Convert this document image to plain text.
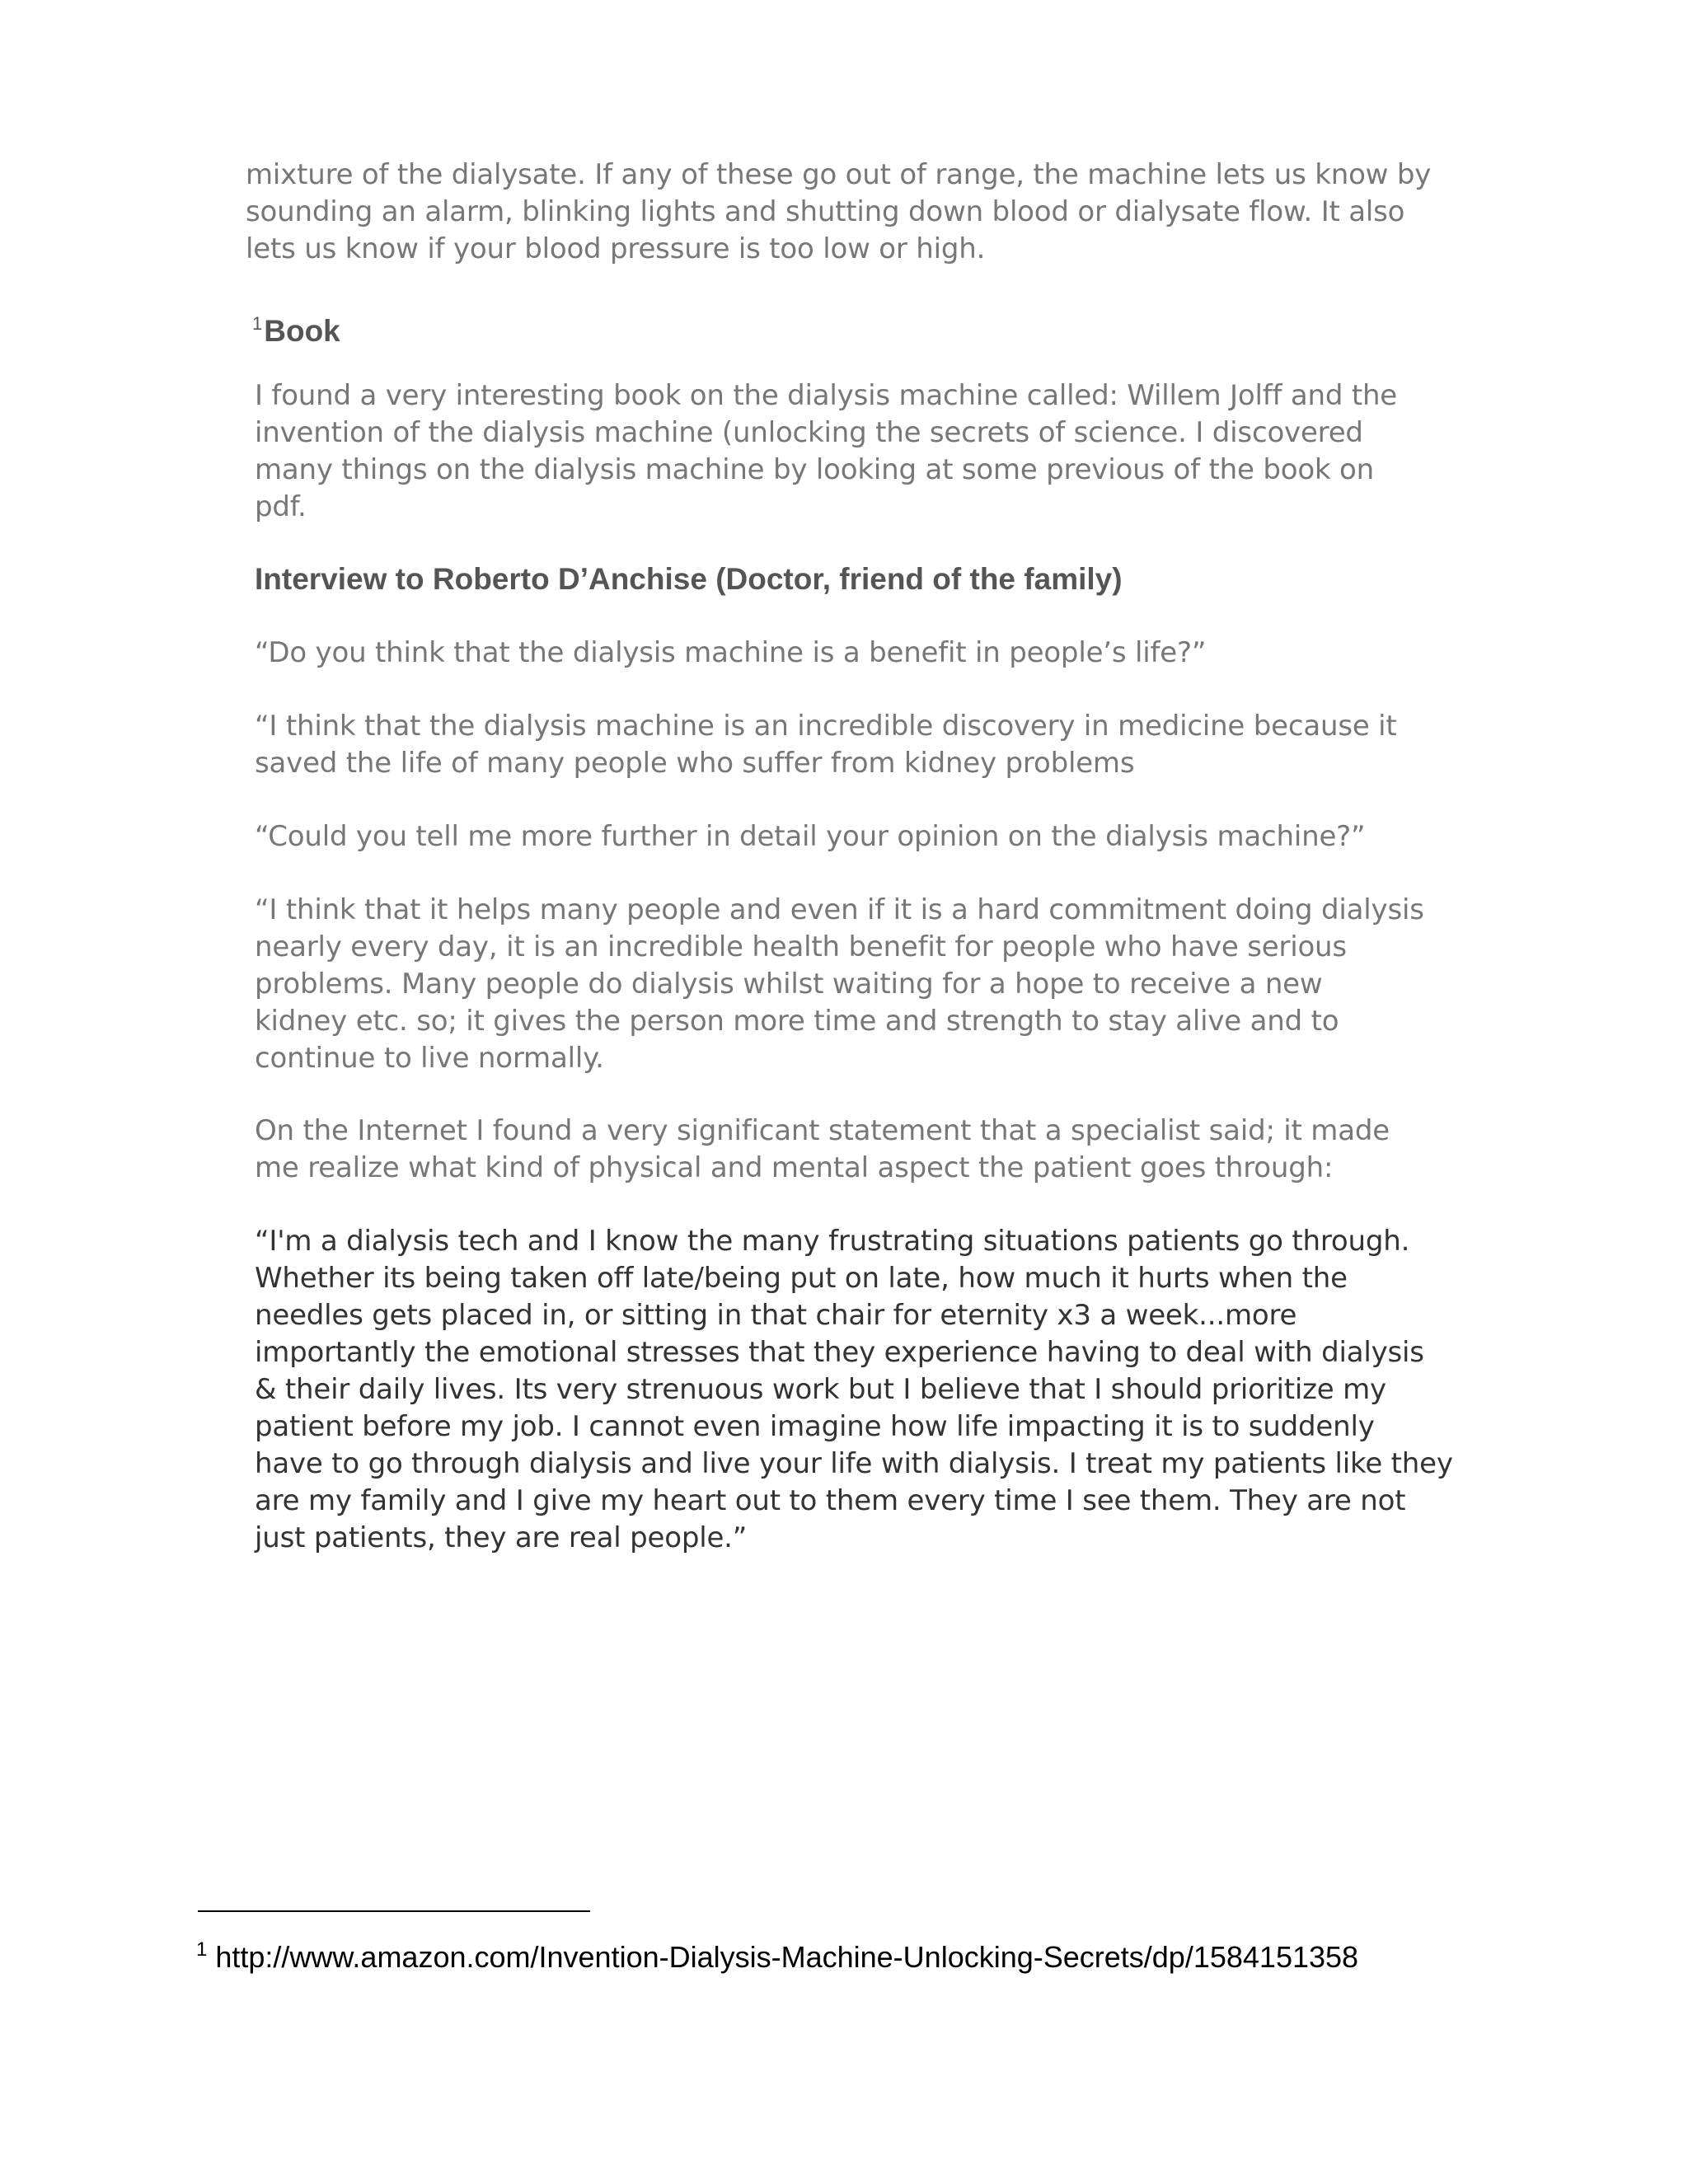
mixture of the dialysate. If any of these go out of range, the machine lets us know by
sounding an alarm, blinking lights and shutting down blood or dialysate flow. It also
lets us know if your blood pressure is too low or high.
$^1$Book
I found a very interesting book on the dialysis machine called: Willem Jolff and the
invention of the dialysis machine (unlocking the secrets of science. I discovered
many things on the dialysis machine by looking at some previous of the book on
pdf.
Interview to Roberto D’Anchise (Doctor, friend of the family)
“Do you think that the dialysis machine is a benefit in people’s life?”
“I think that the dialysis machine is an incredible discovery in medicine because it
saved the life of many people who suffer from kidney problems
“Could you tell me more further in detail your opinion on the dialysis machine?”
“I think that it helps many people and even if it is a hard commitment doing dialysis
nearly every day, it is an incredible health benefit for people who have serious
problems. Many people do dialysis whilst waiting for a hope to receive a new
kidney etc. so; it gives the person more time and strength to stay alive and to
continue to live normally.
On the Internet I found a very significant statement that a specialist said; it made
me realize what kind of physical and mental aspect the patient goes through:
“I'm a dialysis tech and I know the many frustrating situations patients go through.
Whether its being taken off late/being put on late, how much it hurts when the
needles gets placed in, or sitting in that chair for eternity x3 a week...more
importantly the emotional stresses that they experience having to deal with dialysis
& their daily lives. Its very strenuous work but I believe that I should prioritize my
patient before my job. I cannot even imagine how life impacting it is to suddenly
have to go through dialysis and live your life with dialysis. I treat my patients like they
are my family and I give my heart out to them every time I see them. They are not
just patients, they are real people.”
$^1$ http://www.amazon.com/Invention-Dialysis-Machine-Unlocking-Secrets/dp/1584151358
